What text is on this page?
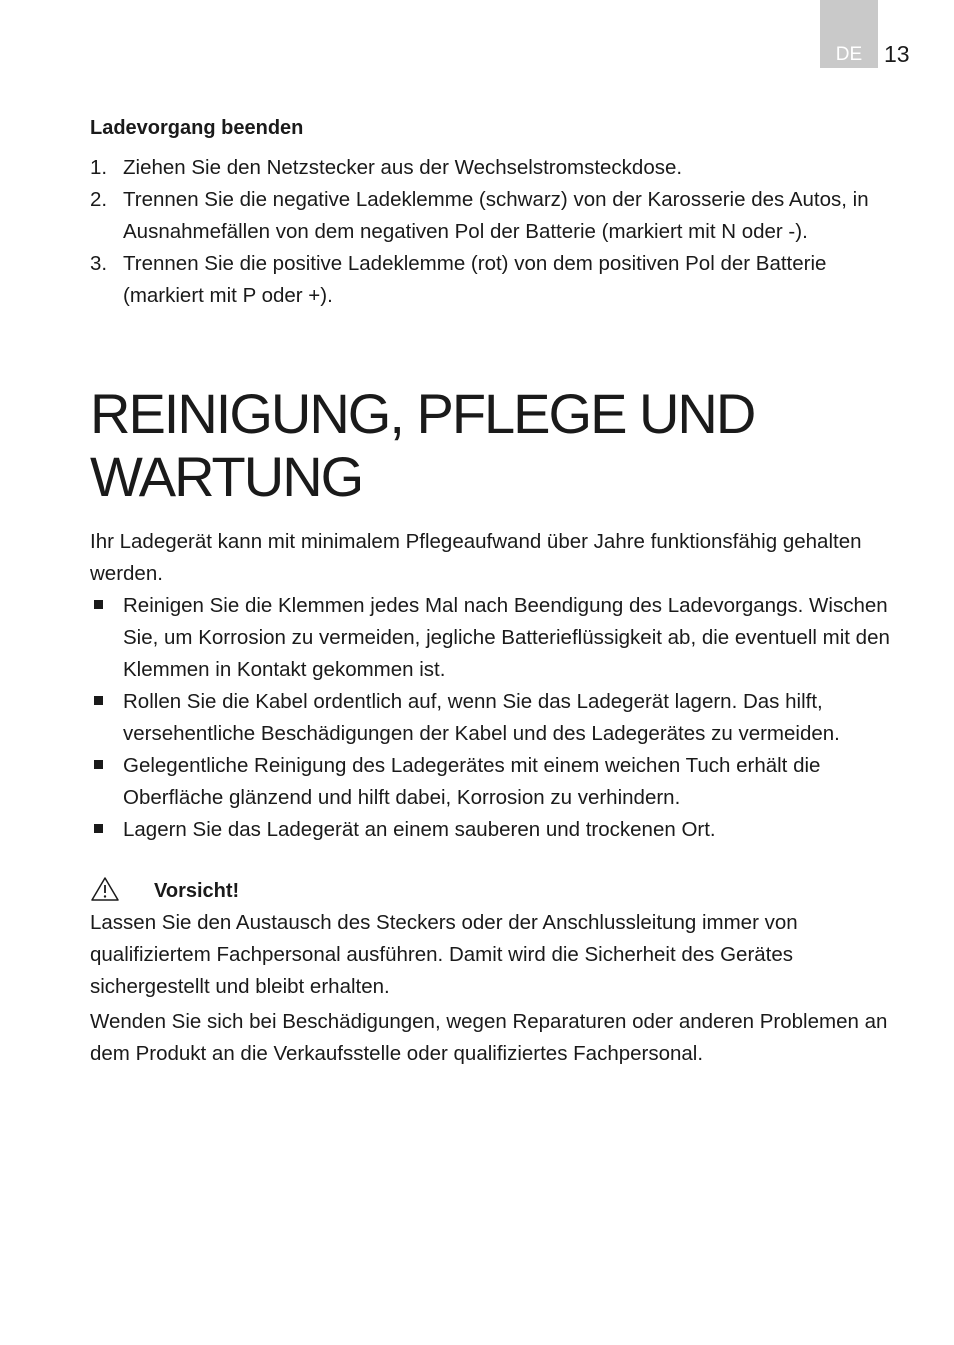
DE 13
Ladevorgang beenden
1. Ziehen Sie den Netzstecker aus der Wechselstromsteckdose.
2. Trennen Sie die negative Ladeklemme (schwarz) von der Karosserie des Autos, in Ausnahmefällen von dem negativen Pol der Batterie (markiert mit N oder -).
3. Trennen Sie die positive Ladeklemme (rot) von dem positiven Pol der Batterie (markiert mit P oder +).
REINIGUNG, PFLEGE UND WARTUNG

Ihr Ladegerät kann mit minimalem Pflegeaufwand über Jahre funktionsfähig gehalten werden.

Reinigen Sie die Klemmen jedes Mal nach Beendigung des Ladevorgangs. Wischen Sie, um Korrosion zu vermeiden, jegliche Batterieflüssigkeit ab, die eventuell mit den Klemmen in Kontakt gekommen ist.
Rollen Sie die Kabel ordentlich auf, wenn Sie das Ladegerät lagern. Das hilft, versehentliche Beschädigungen der Kabel und des Ladegerätes zu vermeiden.
Gelegentliche Reinigung des Ladegerätes mit einem weichen Tuch erhält die Oberfläche glänzend und hilft dabei, Korrosion zu verhindern.
Lagern Sie das Ladegerät an einem sauberen und trockenen Ort.
Vorsicht!

Lassen Sie den Austausch des Steckers oder der Anschlussleitung immer von qualifiziertem Fachpersonal ausführen. Damit wird die Sicherheit des Gerätes sichergestellt und bleibt erhalten.

Wenden Sie sich bei Beschädigungen, wegen Reparaturen oder anderen Problemen an dem Produkt an die Verkaufsstelle oder qualifiziertes Fachpersonal.
